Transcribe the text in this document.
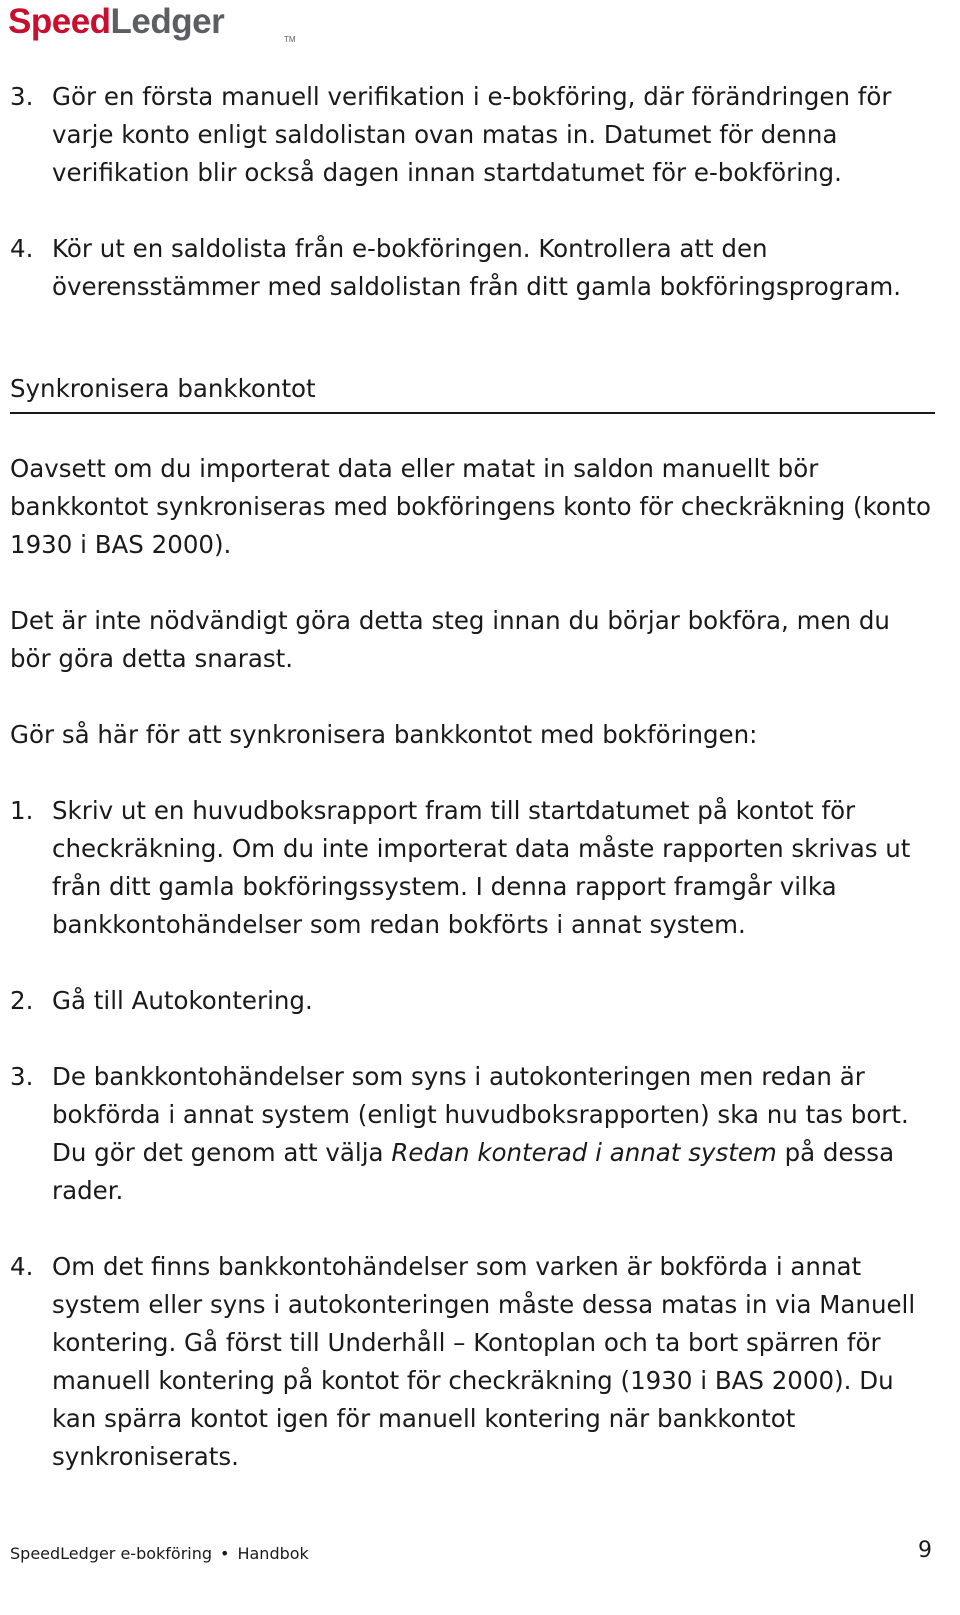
SpeedLedger	TM
3. Gör en första manuell verifikation i e-bokföring, där förändringen för varje konto enligt saldolistan ovan matas in. Datumet för denna verifikation blir också dagen innan startdatumet för e-bokföring.
4. Kör ut en saldolista från e-bokföringen. Kontrollera att den överensstämmer med saldolistan från ditt gamla bokföringsprogram.
Synkronisera bankkontot

Oavsett om du importerat data eller matat in saldon manuellt bör bankkontot synkroniseras med bokföringens konto för checkräkning (konto 1930 i BAS 2000).

Det är inte nödvändigt göra detta steg innan du börjar bokföra, men du bör göra detta snarast.

Gör så här för att synkronisera bankkontot med bokföringen:

1. Skriv ut en huvudboksrapport fram till startdatumet på kontot för checkräkning. Om du inte importerat data måste rapporten skrivas ut från ditt gamla bokföringssystem. I denna rapport framgår vilka bankkontohändelser som redan bokförts i annat system.
2. Gå till Autokontering.
3. De bankkontohändelser som syns i autokonteringen men redan är bokförda i annat system (enligt huvudboksrapporten) ska nu tas bort. Du gör det genom att välja Redan konterad i annat system på dessa rader.
4. Om det finns bankkontohändelser som varken är bokförda i annat system eller syns i autokonteringen måste dessa matas in via Manuell kontering. Gå först till Underhåll – Kontoplan och ta bort spärren för manuell kontering på kontot för checkräkning (1930 i BAS 2000). Du kan spärra kontot igen för manuell kontering när bankkontot synkroniserats.
SpeedLedger e-bokföring • Handbok	9
